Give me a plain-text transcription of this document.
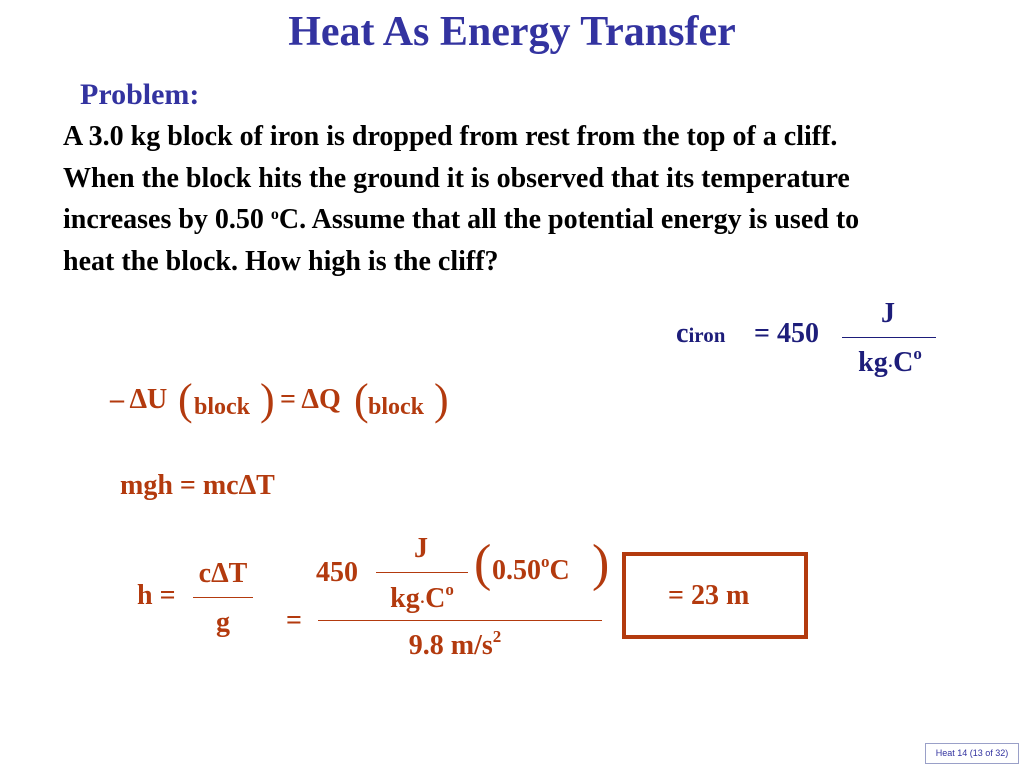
Heat As Energy Transfer
Problem:
A 3.0 kg block of iron is dropped from rest from the top of a cliff. When the block hits the ground it is observed that its temperature increases by 0.50 $^o$C. Assume that all the potential energy is used to heat the block. How high is the cliff?
ciron = 450
J
$kg\cdot C^o$
– ΔU ( block ) = ΔQ ( block )
mgh = mcΔT
h =
cΔT
g	=
450
J
$kg\cdot C^o$ ( 0.50$^o$C )
9.8 $m/s^2$
= 23 m
Heat 14 (13 of 32)
